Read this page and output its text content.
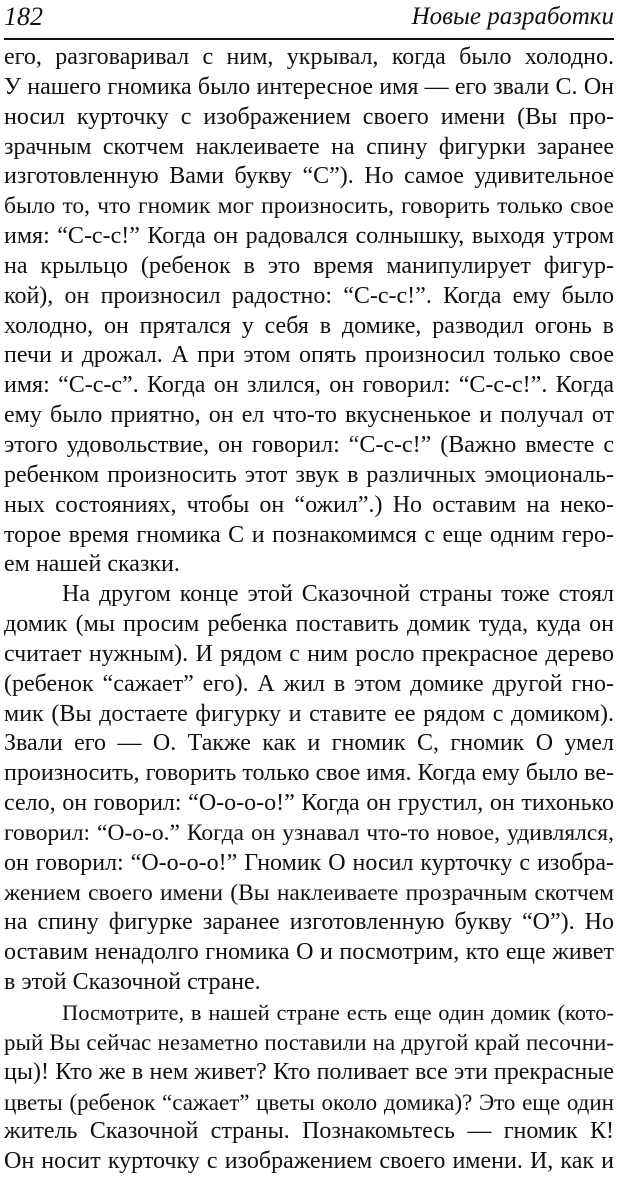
182	Новые разработки
его, разговаривал с ним, укрывал, когда было холодно.
У нашего гномика было интересное имя — его звали С. Он
носил курточку с изображением своего имени (Вы про-
зрачным скотчем наклеиваете на спину фигурки заранее
изготовленную Вами букву “С”). Но самое удивительное
было то, что гномик мог произносить, говорить только свое
имя: “С-с-с!” Когда он радовался солнышку, выходя утром
на крыльцо (ребенок в это время манипулирует фигур-
кой), он произносил радостно: “С-с-с!”. Когда ему было
холодно, он прятался у себя в домике, разводил огонь в
печи и дрожал. А при этом опять произносил только свое
имя: “С-с-с”. Когда он злился, он говорил: “С-с-с!”. Когда
ему было приятно, он ел что-то вкусненькое и получал от
этого удовольствие, он говорил: “С-с-с!” (Важно вместе с
ребенком произносить этот звук в различных эмоциональ-
ных состояниях, чтобы он “ожил”.) Но оставим на неко-
торое время гномика С и познакомимся с еще одним геро-
ем нашей сказки.
На другом конце этой Сказочной страны тоже стоял
домик (мы просим ребенка поставить домик туда, куда он
считает нужным). И рядом с ним росло прекрасное дерево
(ребенок “сажает” его). А жил в этом домике другой гно-
мик (Вы достаете фигурку и ставите ее рядом с домиком).
Звали его — О. Также как и гномик С, гномик О умел
произносить, говорить только свое имя. Когда ему было ве-
село, он говорил: “О-о-о-о!” Когда он грустил, он тихонько
говорил: “О-о-о.” Когда он узнавал что-то новое, удивлялся,
он говорил: “О-о-о-о!” Гномик О носил курточку с изобра-
жением своего имени (Вы наклеиваете прозрачным скотчем
на спину фигурке заранее изготовленную букву “О”). Но
оставим ненадолго гномика О и посмотрим, кто еще живет
в этой Сказочной стране.
Посмотрите, в нашей стране есть еще один домик (кото-
рый Вы сейчас незаметно поставили на другой край песочни-
цы)! Кто же в нем живет? Кто поливает все эти прекрасные
цветы (ребенок “сажает” цветы около домика)? Это еще один
житель Сказочной страны. Познакомьтесь — гномик К!
Он носит курточку с изображением своего имени. И, как и
